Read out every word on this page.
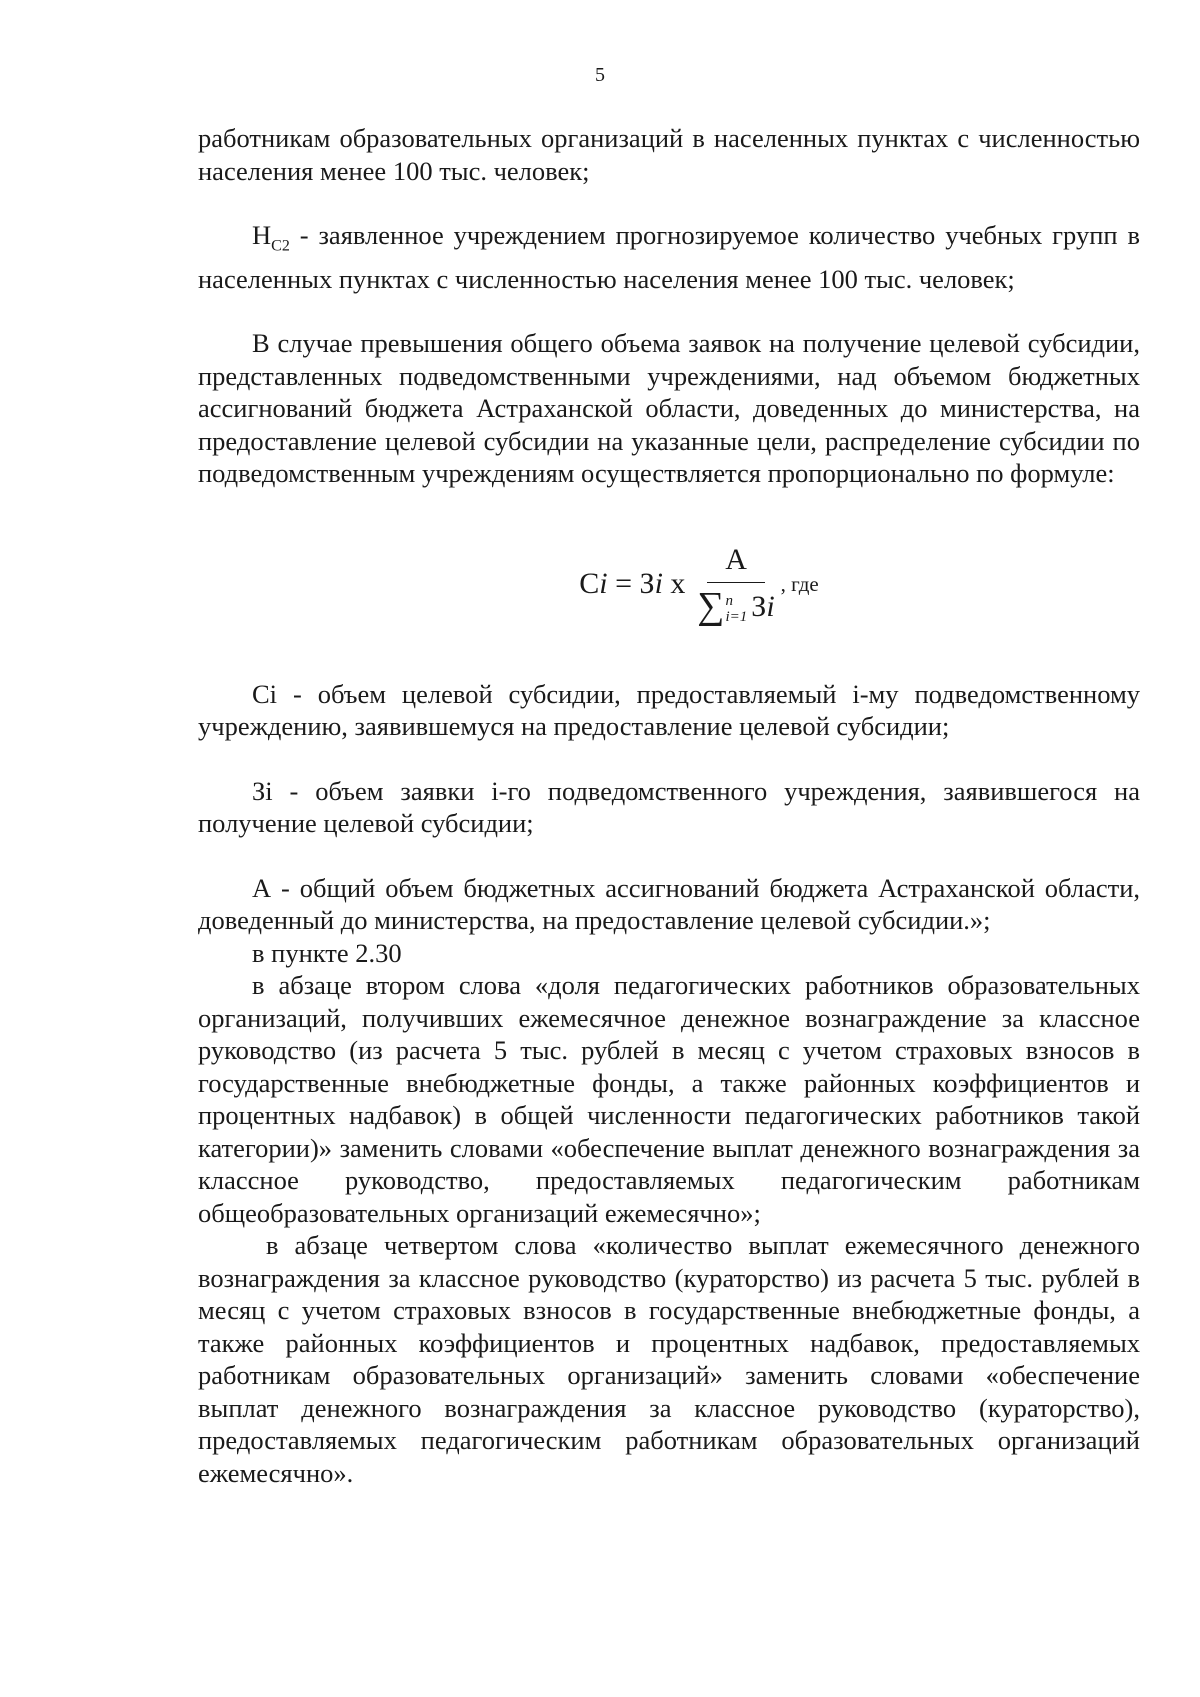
5

работникам образовательных организаций в населенных пунктах с численностью населения менее 100 тыс. человек;

$Н_{С2}$ - заявленное учреждением прогнозируемое количество учебных групп в населенных пунктах с численностью населения менее 100 тыс. человек;

В случае превышения общего объема заявок на получение целевой субсидии, представленных подведомственными учреждениями, над объемом бюджетных ассигнований бюджета Астраханской области, доведенных до министерства, на предоставление целевой субсидии на указанные цели, распределение субсидии по подведомственным учреждениям осуществляется пропорционально по формуле:

Сi = Зi х A
∑ n
i=1 З i , где

Сi - объем целевой субсидии, предоставляемый i-му подведомственному учреждению, заявившемуся на предоставление целевой субсидии;

Зi - объем заявки i-го подведомственного учреждения, заявившегося на получение целевой субсидии;

А - общий объем бюджетных ассигнований бюджета Астраханской области, доведенный до министерства, на предоставление целевой субсидии.»;

в пункте 2.30

в абзаце втором слова «доля педагогических работников образовательных организаций, получивших ежемесячное денежное вознаграждение за классное руководство (из расчета 5 тыс. рублей в месяц с учетом страховых взносов в государственные внебюджетные фонды, а также районных коэффициентов и процентных надбавок) в общей численности педагогических работников такой категории)» заменить словами «обеспечение выплат денежного вознаграждения за классное руководство, предоставляемых педагогическим работникам общеобразовательных организаций ежемесячно»;

в абзаце четвертом слова «количество выплат ежемесячного денежного вознаграждения за классное руководство (кураторство) из расчета 5 тыс. рублей в месяц с учетом страховых взносов в государственные внебюджетные фонды, а также районных коэффициентов и процентных надбавок, предоставляемых работникам образовательных организаций» заменить словами «обеспечение выплат денежного вознаграждения за классное руководство (кураторство), предоставляемых педагогическим работникам образовательных организаций ежемесячно».
